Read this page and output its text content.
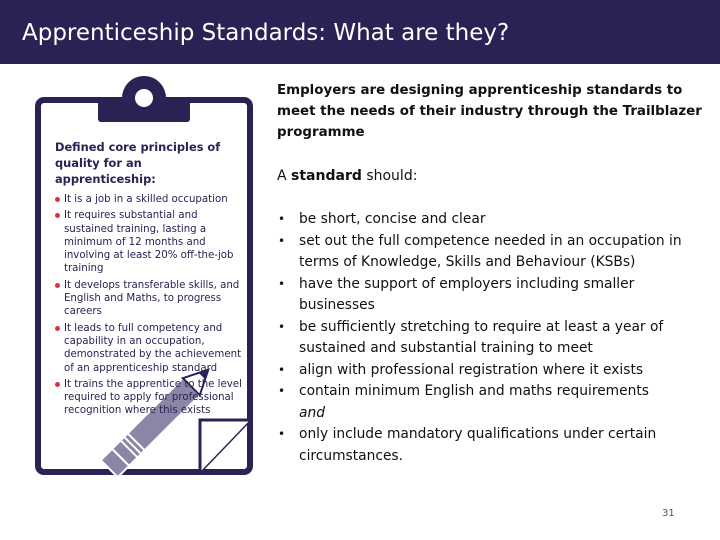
Apprenticeship Standards: What are they?

Defined core principles of quality for an apprenticeship:

It is a job in a skilled occupation
It requires substantial and sustained training, lasting a minimum of 12 months and involving at least 20% off-the-job training
It develops transferable skills, and English and Maths, to progress careers
It leads to full competency and capability in an occupation, demonstrated by the achievement of an apprenticeship standard
It trains the apprentice to the level required to apply for professional recognition where this exists
Employers are designing apprenticeship standards to meet the needs of their industry through the Trailblazer programme
A standard should:
• be short, concise and clear
• set out the full competence needed in an occupation in terms of Knowledge, Skills and Behaviour (KSBs)
• have the support of employers including smaller businesses
• be sufficiently stretching to require at least a year of sustained and substantial training to meet
• align with professional registration where it exists
• contain minimum English and maths requirements
and
• only include mandatory qualifications under certain circumstances.
31
